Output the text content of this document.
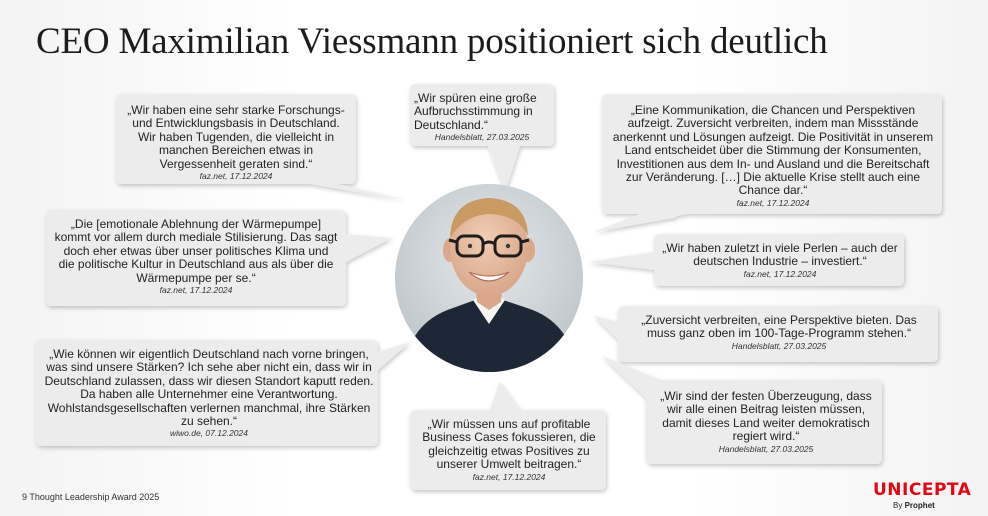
CEO Maximilian Viessmann positioniert sich deutlich
„Wir haben eine sehr starke Forschungs- und Entwicklungsbasis in Deutschland. Wir haben Tugenden, die vielleicht in manchen Bereichen etwas in Vergessenheit geraten sind.“
faz.net, 17.12.2024
„Wir spüren eine große Aufbruchsstimmung in Deutschland.“
Handelsblatt, 27.03.2025
„Eine Kommunikation, die Chancen und Perspektiven aufzeigt. Zuversicht verbreiten, indem man Missstände anerkennt und Lösungen aufzeigt. Die Positivität in unserem Land entscheidet über die Stimmung der Konsumenten, Investitionen aus dem In- und Ausland und die Bereitschaft zur Veränderung. […] Die aktuelle Krise stellt auch eine Chance dar.“
faz.net, 17.12.2024
„Die [emotionale Ablehnung der Wärmepumpe] kommt vor allem durch mediale Stilisierung. Das sagt doch eher etwas über unser politisches Klima und die politische Kultur in Deutschland aus als über die Wärmepumpe per se.“
faz.net, 17.12.2024
„Wir haben zuletzt in viele Perlen – auch der deutschen Industrie – investiert.“
faz.net, 17.12.2024
„Zuversicht verbreiten, eine Perspektive bieten. Das muss ganz oben im 100-Tage-Programm stehen.“
Handelsblatt, 27.03.2025
„Wie können wir eigentlich Deutschland nach vorne bringen, was sind unsere Stärken? Ich sehe aber nicht ein, dass wir in Deutschland zulassen, dass wir diesen Standort kaputt reden. Da haben alle Unternehmer eine Verantwortung. Wohlstandsgesellschaften verlernen manchmal, ihre Stärken zu sehen.“
wiwo.de, 07.12.2024
„Wir müssen uns auf profitable Business Cases fokussieren, die gleichzeitig etwas Positives zu unserer Umwelt beitragen.“
faz.net, 17.12.2024
„Wir sind der festen Überzeugung, dass wir alle einen Beitrag leisten müssen, damit dieses Land weiter demokratisch regiert wird.“
Handelsblatt, 27.03.2025
9 Thought Leadership Award 2025	UNICEPTA
By Prophet
